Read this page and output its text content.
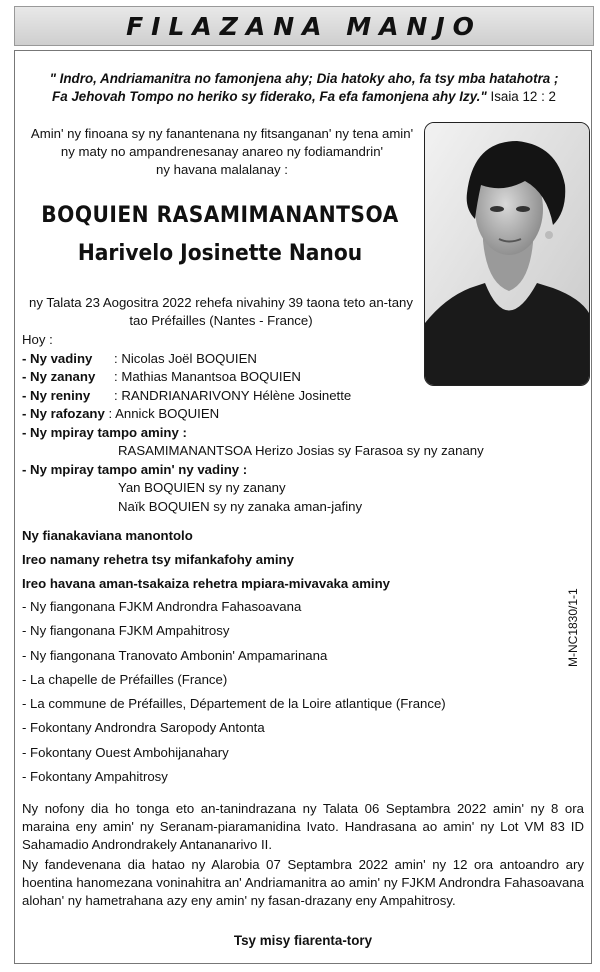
FILAZANA MANJO
" Indro, Andriamanitra no famonjena ahy; Dia hatoky aho, fa tsy mba hatahotra ;
Fa Jehovah Tompo no heriko sy fiderako, Fa efa famonjena ahy Izy." Isaia 12 : 2
Amin' ny finoana sy ny fanantenana ny fitsanganan' ny tena amin'
ny maty no ampandrenesanay anareo ny fodiamandrin'
ny havana malalanay :
BOQUIEN RASAMIMANANTSOA
Harivelo Josinette Nanou
ny Talata 23 Aogositra 2022 rehefa nivahiny 39 taona teto an-tany
tao Préfailles (Nantes - France)
Hoy :
- Ny vadiny : Nicolas Joël BOQUIEN
- Ny zanany : Mathias Manantsoa BOQUIEN
- Ny reniny : RANDRIANARIVONY Hélène Josinette
- Ny rafozany : Annick BOQUIEN
- Ny mpiray tampo aminy :
RASAMIMANANTSOA Herizo Josias sy Farasoa sy ny zanany
- Ny mpiray tampo amin' ny vadiny :
Yan BOQUIEN sy ny zanany
Naïk BOQUIEN sy ny zanaka aman-jafiny
Ny fianakaviana manontolo
Ireo namany rehetra tsy mifankafohy aminy
Ireo havana aman-tsakaiza rehetra mpiara-mivavaka aminy
- Ny fiangonana FJKM Androndra Fahasoavana
- Ny fiangonana FJKM Ampahitrosy
- Ny fiangonana Tranovato Ambonin' Ampamarinana
- La chapelle de Préfailles (France)
- La commune de Préfailles, Département de la Loire atlantique (France)
- Fokontany Androndra Saropody Antonta
- Fokontany Ouest Ambohijanahary
- Fokontany Ampahitrosy
M-NC1830/1-1
Ny nofony dia ho tonga eto an-tanindrazana ny Talata 06 Septambra 2022 amin' ny 8 ora maraina eny amin' ny Seranam-piaramanidina Ivato. Handrasana ao amin' ny Lot VM 83 ID Sahamadio Androndrakely Antananarivo II.
Ny fandevenana dia hatao ny Alarobia 07 Septambra 2022 amin' ny 12 ora antoandro ary hoentina hanomezana voninahitra an' Andriamanitra ao amin' ny FJKM Androndra Fahasoavana alohan' ny hametrahana azy eny amin' ny fasan-drazany eny Ampahitrosy.
Tsy misy fiarenta-tory
